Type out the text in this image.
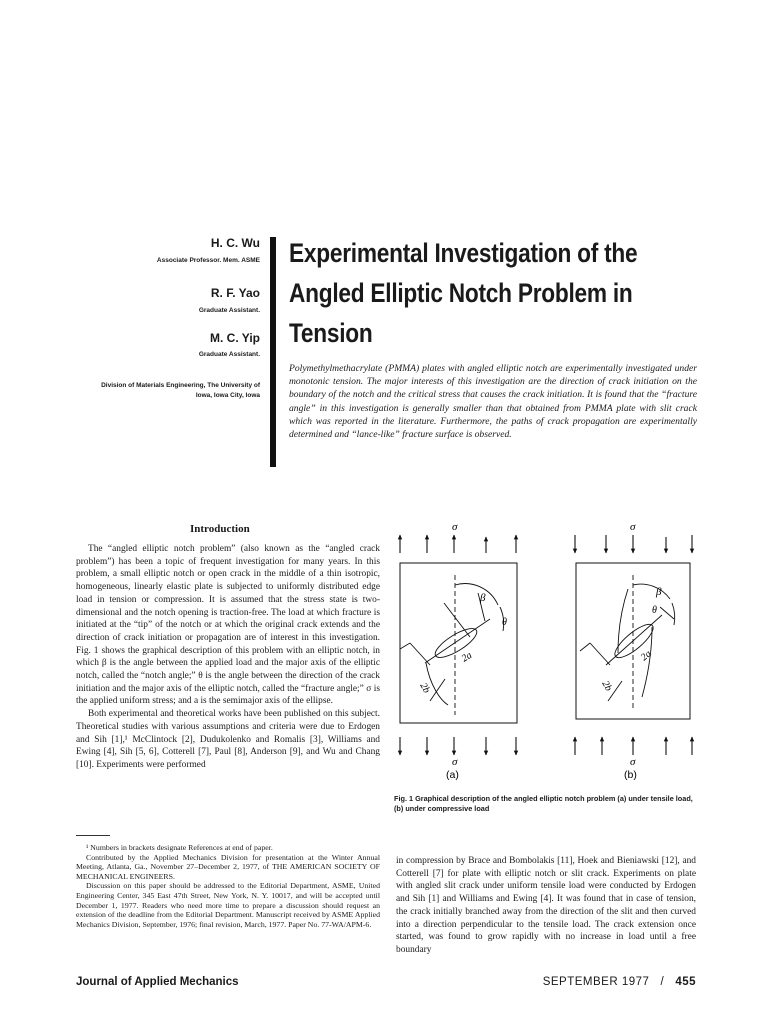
H. C. Wu
Associate Professor. Mem. ASME
R. F. Yao
Graduate Assistant.
M. C. Yip
Graduate Assistant.
Division of Materials Engineering, The University of
Iowa, Iowa City, Iowa
Experimental Investigation of the
Angled Elliptic Notch Problem in
Tension
Polymethylmethacrylate (PMMA) plates with angled elliptic notch are experimentally investigated under monotonic tension. The major interests of this investigation are the direction of crack initiation on the boundary of the notch and the critical stress that causes the crack initiation. It is found that the “fracture angle” in this investigation is generally smaller than that obtained from PMMA plate with slit crack which was reported in the literature. Furthermore, the paths of crack propagation are experimentally determined and “lance-like” fracture surface is observed.
Introduction

The “angled elliptic notch problem” (also known as the “angled crack problem”) has been a topic of frequent investigation for many years. In this problem, a small elliptic notch or open crack in the middle of a thin isotropic, homogeneous, linearly elastic plate is subjected to uniformly distributed edge load in tension or compression. It is assumed that the stress state is two-dimensional and the notch opening is traction-free. The load at which fracture is initiated at the “tip” of the notch or at which the original crack extends and the direction of crack initiation or propagation are of interest in this investigation. Fig. 1 shows the graphical description of this problem with an elliptic notch, in which β is the angle between the applied load and the major axis of the elliptic notch, called the “notch angle;” θ is the angle between the direction of the crack initiation and the major axis of the elliptic notch, called the “fracture angle;” σ is the applied uniform stress; and a is the semimajor axis of the ellipse.

Both experimental and theoretical works have been published on this subject. Theoretical studies with various assumptions and criteria were due to Erdogen and Sih [1],¹ McClintock [2], Dudukolenko and Romalis [3], Williams and Ewing [4], Sih [5, 6], Cotterell [7], Paul [8], Anderson [9], and Wu and Chang [10]. Experiments were performed

¹ Numbers in brackets designate References at end of paper.

Contributed by the Applied Mechanics Division for presentation at the Winter Annual Meeting, Atlanta, Ga., November 27–December 2, 1977, of THE AMERICAN SOCIETY OF MECHANICAL ENGINEERS.

Discussion on this paper should be addressed to the Editorial Department, ASME, United Engineering Center, 345 East 47th Street, New York, N. Y. 10017, and will be accepted until December 1, 1977. Readers who need more time to prepare a discussion should request an extension of the deadline from the Editorial Department. Manuscript received by ASME Applied Mechanics Division, September, 1976; final revision, March, 1977. Paper No. 77-WA/APM-6.

in compression by Brace and Bombolakis [11], Hoek and Bieniawski [12], and Cotterell [7] for plate with elliptic notch or slit crack. Experiments on plate with angled slit crack under uniform tensile load were conducted by Erdogen and Sih [1] and Williams and Ewing [4]. It was found that in case of tension, the crack initially branched away from the direction of the slit and then curved into a direction perpendicular to the tensile load. The crack extension once started, was found to grow rapidly with no increase in load until a free boundary

σ
β
θ
2a
2b
σ
(a)
σ
β
θ
2a
2b
σ
(b)
Fig. 1 Graphical description of the angled elliptic notch problem (a) under tensile load, (b) under compressive load
Journal of Applied Mechanics	SEPTEMBER 1977 / 455
